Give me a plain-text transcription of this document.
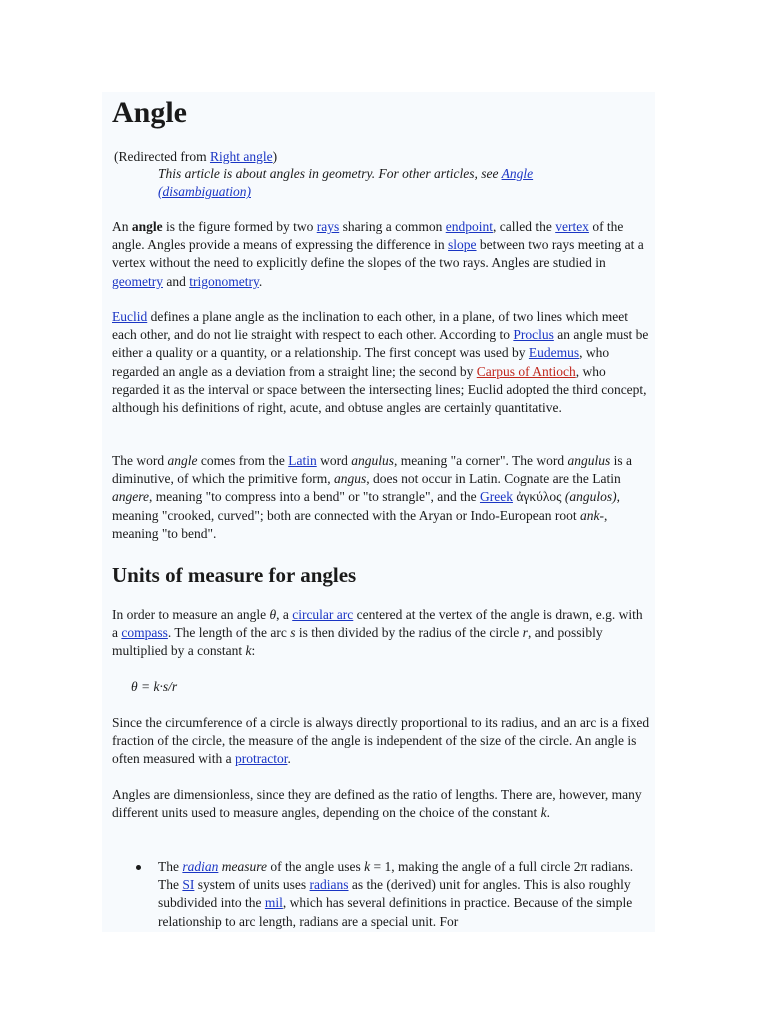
Angle
(Redirected from Right angle)
This article is about angles in geometry. For other articles, see Angle (disambiguation)

An angle is the figure formed by two rays sharing a common endpoint, called the vertex of the angle. Angles provide a means of expressing the difference in slope between two rays meeting at a vertex without the need to explicitly define the slopes of the two rays. Angles are studied in geometry and trigonometry.

Euclid defines a plane angle as the inclination to each other, in a plane, of two lines which meet each other, and do not lie straight with respect to each other. According to Proclus an angle must be either a quality or a quantity, or a relationship. The first concept was used by Eudemus, who regarded an angle as a deviation from a straight line; the second by Carpus of Antioch, who regarded it as the interval or space between the intersecting lines; Euclid adopted the third concept, although his definitions of right, acute, and obtuse angles are certainly quantitative.

The word angle comes from the Latin word angulus, meaning "a corner". The word angulus is a diminutive, of which the primitive form, angus, does not occur in Latin. Cognate are the Latin angere, meaning "to compress into a bend" or "to strangle", and the Greek ἀγκύλος (angulos), meaning "crooked, curved"; both are connected with the Aryan or Indo-European root ank-, meaning "to bend".

Units of measure for angles

In order to measure an angle θ, a circular arc centered at the vertex of the angle is drawn, e.g. with a compass. The length of the arc s is then divided by the radius of the circle r, and possibly multiplied by a constant k:

θ = k·s/r

Since the circumference of a circle is always directly proportional to its radius, and an arc is a fixed fraction of the circle, the measure of the angle is independent of the size of the circle. An angle is often measured with a protractor.

Angles are dimensionless, since they are defined as the ratio of lengths. There are, however, many different units used to measure angles, depending on the choice of the constant k.

The radian measure of the angle uses k = 1, making the angle of a full circle 2π radians. The SI system of units uses radians as the (derived) unit for angles. This is also roughly subdivided into the mil, which has several definitions in practice. Because of the simple relationship to arc length, radians are a special unit. For
